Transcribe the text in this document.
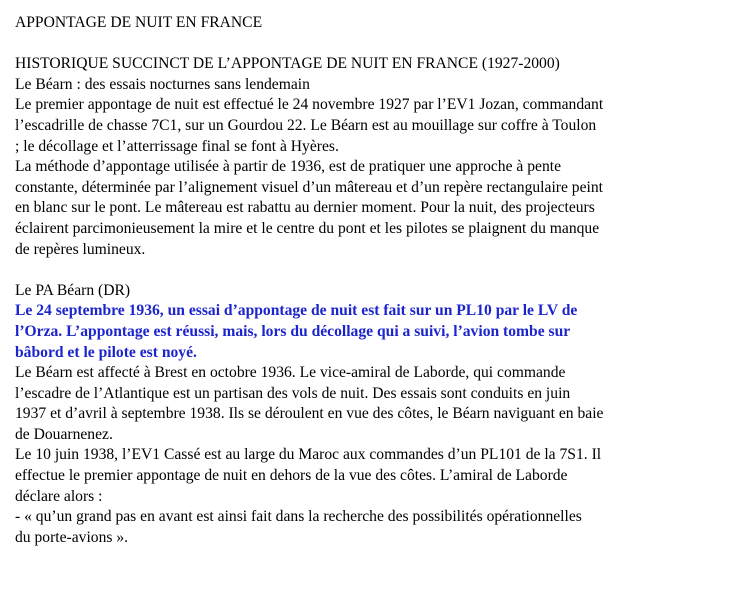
APPONTAGE DE NUIT EN FRANCE
HISTORIQUE SUCCINCT DE L’APPONTAGE DE NUIT EN FRANCE (1927-2000)
Le Béarn : des essais nocturnes sans lendemain
Le premier appontage de nuit est effectué le 24 novembre 1927 par l’EV1 Jozan, commandant
l’escadrille de chasse 7C1, sur un Gourdou 22. Le Béarn est au mouillage sur coffre à Toulon
; le décollage et l’atterrissage final se font à Hyères.
La méthode d’appontage utilisée à partir de 1936, est de pratiquer une approche à pente
constante, déterminée par l’alignement visuel d’un mâtereau et d’un repère rectangulaire peint
en blanc sur le pont. Le mâtereau est rabattu au dernier moment. Pour la nuit, des projecteurs
éclairent parcimonieusement la mire et le centre du pont et les pilotes se plaignent du manque
de repères lumineux.
Le PA Béarn (DR)
Le 24 septembre 1936, un essai d’appontage de nuit est fait sur un PL10 par le LV de
l’Orza. L’appontage est réussi, mais, lors du décollage qui a suivi, l’avion tombe sur
bâbord et le pilote est noyé.
Le Béarn est affecté à Brest en octobre 1936. Le vice-amiral de Laborde, qui commande
l’escadre de l’Atlantique est un partisan des vols de nuit. Des essais sont conduits en juin
1937 et d’avril à septembre 1938. Ils se déroulent en vue des côtes, le Béarn naviguant en baie
de Douarnenez.
Le 10 juin 1938, l’EV1 Cassé est au large du Maroc aux commandes d’un PL101 de la 7S1. Il
effectue le premier appontage de nuit en dehors de la vue des côtes. L’amiral de Laborde
déclare alors :
- « qu’un grand pas en avant est ainsi fait dans la recherche des possibilités opérationnelles
du porte-avions ».
